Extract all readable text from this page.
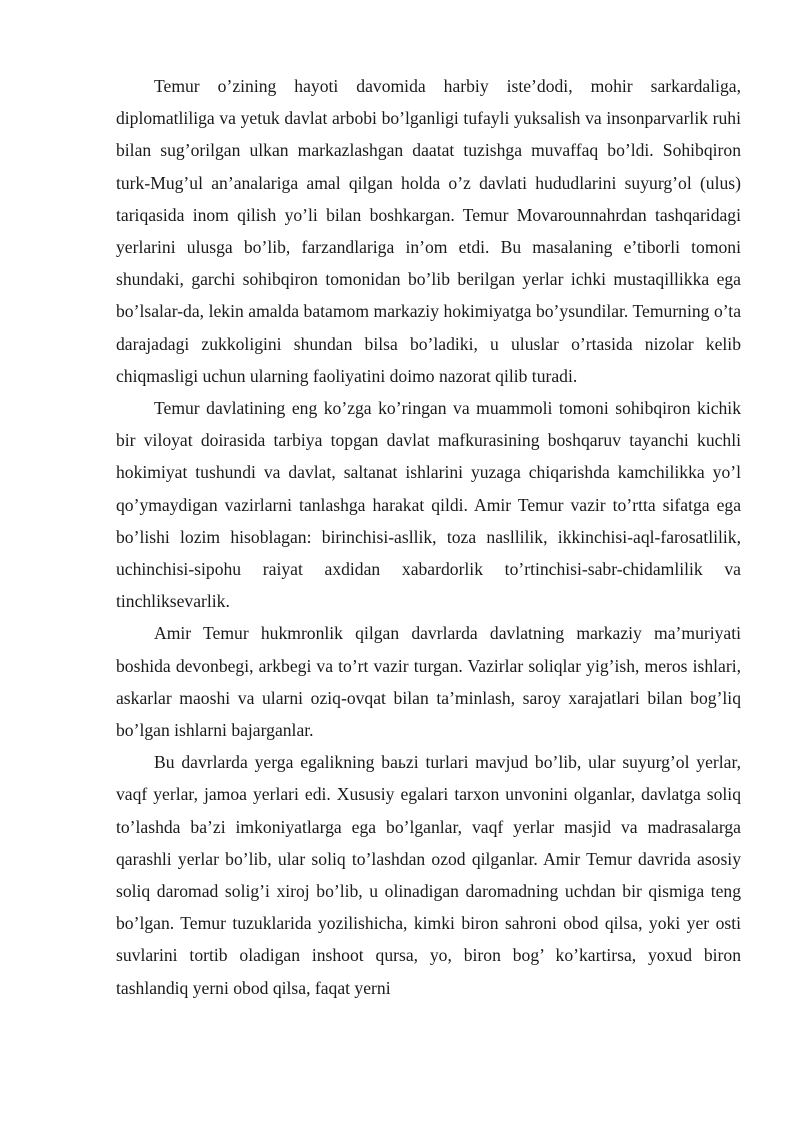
Temur o’zining hayoti davomida harbiy iste’dodi, mohir sarkardaliga, diplomatliliga va yetuk davlat arbobi bo’lganligi tufayli yuksalish va insonparvarlik ruhi bilan sug’orilgan ulkan markazlashgan daatat tuzishga muvaffaq bo’ldi. Sohibqiron turk-Mug’ul an’analariga amal qilgan holda o’z davlati hududlarini suyurg’ol (ulus) tariqasida inom qilish yo’li bilan boshkargan. Temur Movarounnahrdan tashqaridagi yerlarini ulusga bo’lib, farzandlariga in’om etdi. Bu masalaning e’tiborli tomoni shundaki, garchi sohibqiron tomonidan bo’lib berilgan yerlar ichki mustaqillikka ega bo’lsalar-da, lekin amalda batamom markaziy hokimiyatga bo’ysundilar. Temurning o’ta darajadagi zukkoligini shundan bilsa bo’ladiki, u uluslar o’rtasida nizolar kelib chiqmasligi uchun ularning faoliyatini doimo nazorat qilib turadi.

Temur davlatining eng ko’zga ko’ringan va muammoli tomoni sohibqiron kichik bir viloyat doirasida tarbiya topgan davlat mafkurasining boshqaruv tayanchi kuchli hokimiyat tushundi va davlat, saltanat ishlarini yuzaga chiqarishda kamchilikka yo’l qo’ymaydigan vazirlarni tanlashga harakat qildi. Amir Temur vazir to’rtta sifatga ega bo’lishi lozim hisoblagan: birinchisi-asllik, toza nasllilik, ikkinchisi-aql-farosatlilik, uchinchisi-sipohu raiyat axdidan xabardorlik to’rtinchisi-sabr-chidamlilik va tinchliksevarlik.

Amir Temur hukmronlik qilgan davrlarda davlatning markaziy ma’muriyati boshida devonbegi, arkbegi va to’rt vazir turgan. Vazirlar soliqlar yig’ish, meros ishlari, askarlar maoshi va ularni oziq-ovqat bilan ta’minlash, saroy xarajatlari bilan bog’liq bo’lgan ishlarni bajarganlar.

Bu davrlarda yerga egalikning baьzi turlari mavjud bo’lib, ular suyurg’ol yerlar, vaqf yerlar, jamoa yerlari edi. Xususiy egalari tarxon unvonini olganlar, davlatga soliq to’lashda ba’zi imkoniyatlarga ega bo’lganlar, vaqf yerlar masjid va madrasalarga qarashli yerlar bo’lib, ular soliq to’lashdan ozod qilganlar. Amir Temur davrida asosiy soliq daromad solig’i xiroj bo’lib, u olinadigan daromadning uchdan bir qismiga teng bo’lgan. Temur tuzuklarida yozilishicha, kimki biron sahroni obod qilsa, yoki yer osti suvlarini tortib oladigan inshoot qursa, yo, biron bog’ ko’kartirsa, yoxud biron tashlandiq yerni obod qilsa, faqat yerni
